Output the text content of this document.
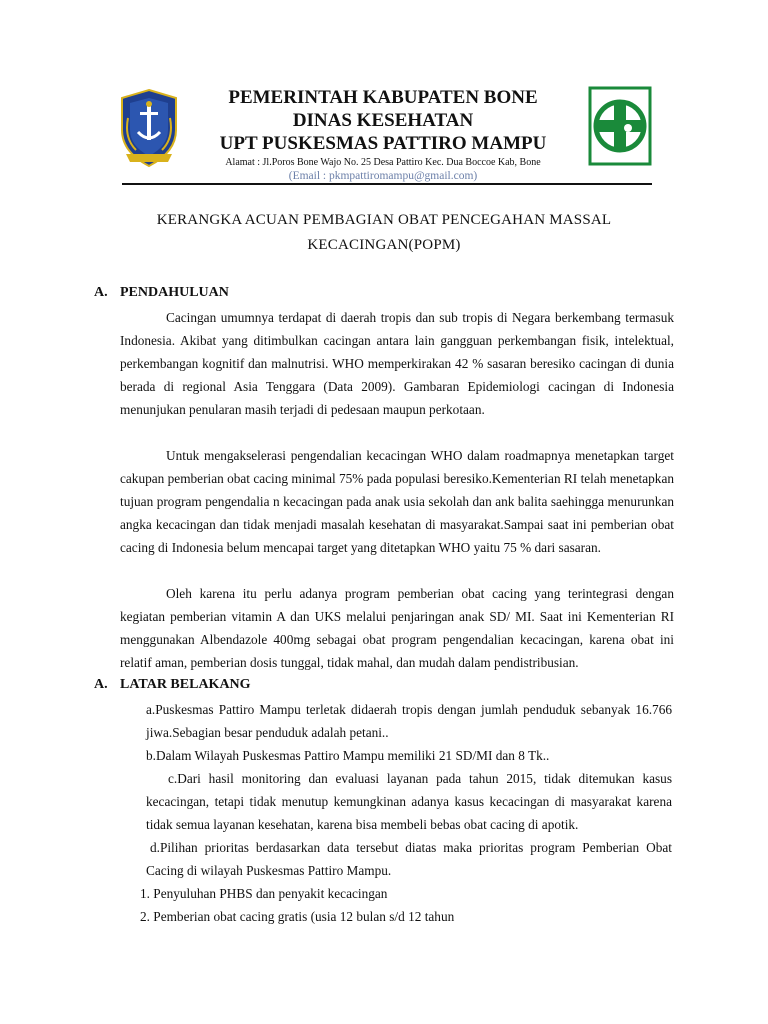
PEMERINTAH KABUPATEN BONE
DINAS KESEHATAN
UPT PUSKESMAS PATTIRO MAMPU
Alamat : Jl.Poros Bone Wajo No. 25 Desa Pattiro Kec. Dua Boccoe Kab, Bone
(Email : pkmpattiromampu@gmail.com)
KERANGKA ACUAN PEMBAGIAN OBAT PENCEGAHAN MASSAL
KECACINGAN(POPM)
A. PENDAHULUAN

Cacingan umumnya terdapat di daerah tropis dan sub tropis di Negara berkembang termasuk Indonesia. Akibat yang ditimbulkan cacingan antara lain gangguan perkembangan fisik, intelektual, perkembangan kognitif dan malnutrisi. WHO memperkirakan 42 % sasaran beresiko cacingan di dunia berada di regional Asia Tenggara (Data 2009). Gambaran Epidemiologi cacingan di Indonesia menunjukan penularan masih terjadi di pedesaan maupun perkotaan.

Untuk mengakselerasi pengendalian kecacingan WHO dalam roadmapnya menetapkan target cakupan pemberian obat cacing minimal 75% pada populasi beresiko.Kementerian RI telah menetapkan tujuan program pengendalia n kecacingan pada anak usia sekolah dan ank balita saehingga menurunkan angka kecacingan dan tidak menjadi masalah kesehatan di masyarakat.Sampai saat ini pemberian obat cacing di Indonesia belum mencapai target yang ditetapkan WHO yaitu 75 % dari sasaran.

Oleh karena itu perlu adanya program pemberian obat cacing yang terintegrasi dengan kegiatan pemberian vitamin A dan UKS melalui penjaringan anak SD/ MI. Saat ini Kementerian RI menggunakan Albendazole 400mg sebagai obat program pengendalian kecacingan, karena obat ini relatif aman, pemberian dosis tunggal, tidak mahal, dan mudah dalam pendistribusian.

A. LATAR BELAKANG

a.Puskesmas Pattiro Mampu terletak didaerah tropis dengan jumlah penduduk sebanyak 16.766 jiwa.Sebagian besar penduduk adalah petani..

b.Dalam Wilayah Puskesmas Pattiro Mampu memiliki 21 SD/MI dan 8 Tk..

c.Dari hasil monitoring dan evaluasi layanan pada tahun 2015, tidak ditemukan kasus kecacingan, tetapi tidak menutup kemungkinan adanya kasus kecacingan di masyarakat karena tidak semua layanan kesehatan, karena bisa membeli bebas obat cacing di apotik.

d.Pilihan prioritas berdasarkan data tersebut diatas maka prioritas program Pemberian Obat Cacing di wilayah Puskesmas Pattiro Mampu.

1. Penyuluhan PHBS dan penyakit kecacingan
2. Pemberian obat cacing gratis (usia 12 bulan s/d 12 tahun
